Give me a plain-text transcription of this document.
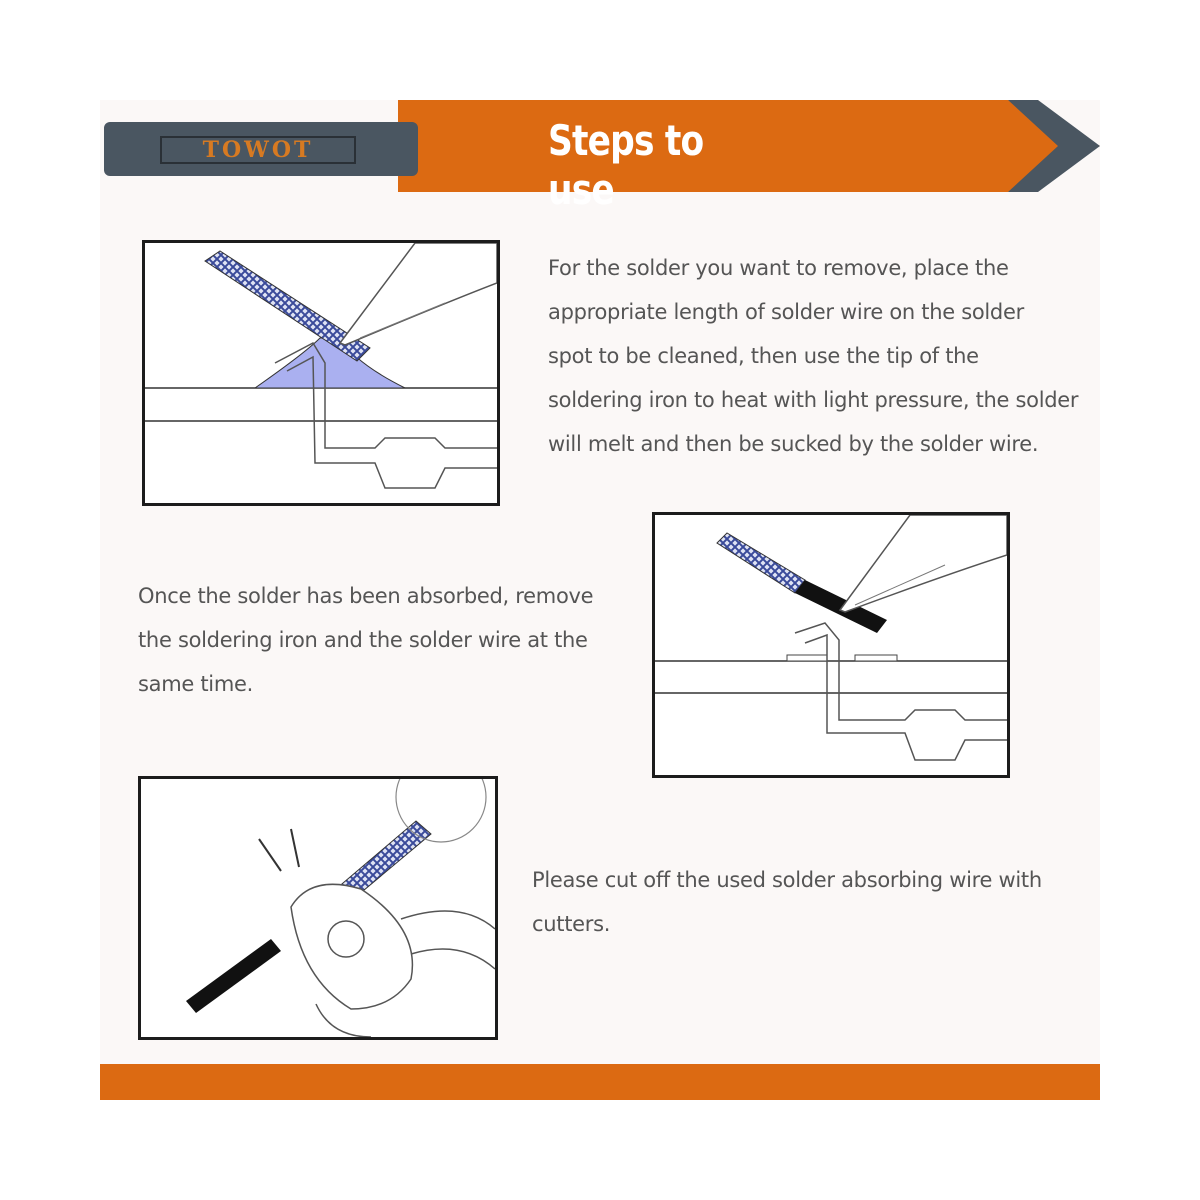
TOWOT	Steps to use
For the solder you want to remove, place the
appropriate length of solder wire on the solder
spot to be cleaned, then use the tip of the
soldering iron to heat with light pressure, the solder
will melt and then be sucked by the solder wire.
Once the solder has been absorbed, remove
the soldering iron and the solder wire at the
same time.
Please cut off the used solder absorbing wire with
cutters.
